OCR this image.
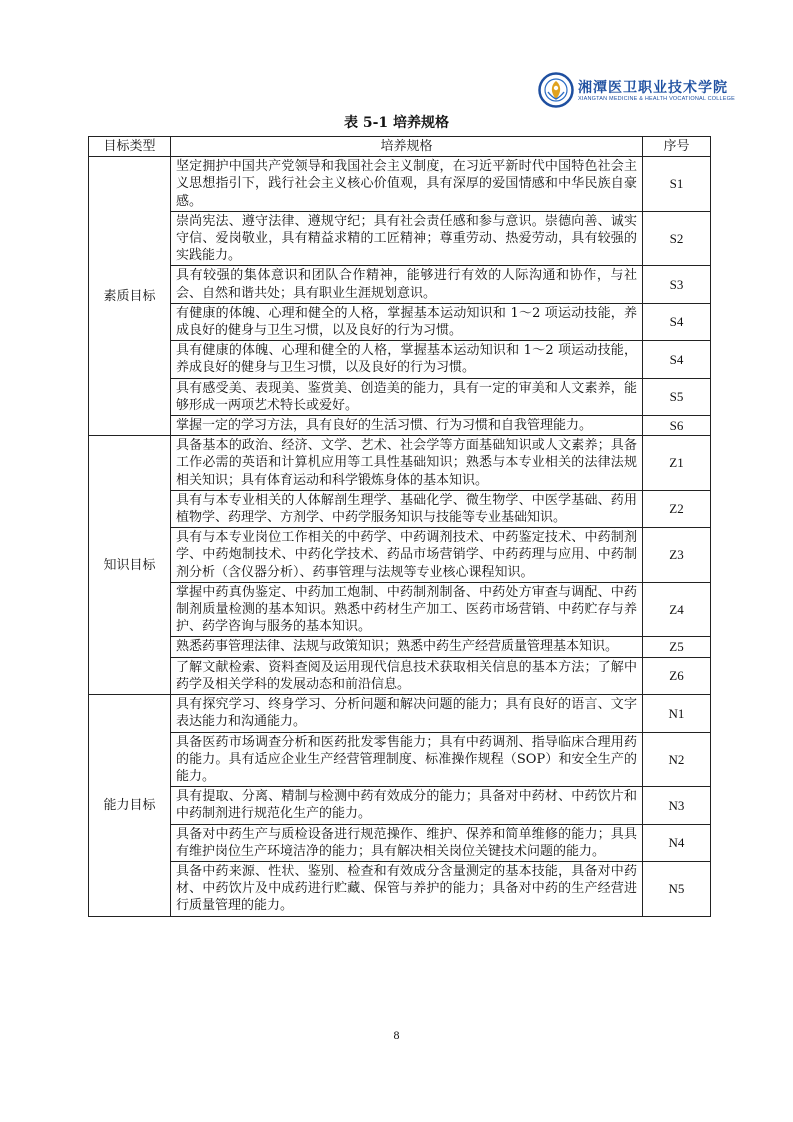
湘潭医卫职业技术学院
XIANGTAN MEDICINE & HEALTH VOCATIONAL COLLEGE
表 5-1 培养规格
目标类型	培养规格	序号
素质目标	坚定拥护中国共产党领导和我国社会主义制度，在习近平新时代中国特色社会主义思想指引下，践行社会主义核心价值观，具有深厚的爱国情感和中华民族自豪感。	S1
	崇尚宪法、遵守法律、遵规守纪；具有社会责任感和参与意识。崇德向善、诚实守信、爱岗敬业，具有精益求精的工匠精神；尊重劳动、热爱劳动，具有较强的实践能力。	S2
	具有较强的集体意识和团队合作精神，能够进行有效的人际沟通和协作，与社会、自然和谐共处；具有职业生涯规划意识。	S3
	有健康的体魄、心理和健全的人格，掌握基本运动知识和 1～2 项运动技能，养成良好的健身与卫生习惯，以及良好的行为习惯。	S4
	具有健康的体魄、心理和健全的人格，掌握基本运动知识和 1～2 项运动技能，养成良好的健身与卫生习惯，以及良好的行为习惯。	S4
	具有感受美、表现美、鉴赏美、创造美的能力，具有一定的审美和人文素养，能够形成一两项艺术特长或爱好。	S5
	掌握一定的学习方法，具有良好的生活习惯、行为习惯和自我管理能力。	S6
知识目标	具备基本的政治、经济、文学、艺术、社会学等方面基础知识或人文素养；具备工作必需的英语和计算机应用等工具性基础知识；熟悉与本专业相关的法律法规相关知识；具有体育运动和科学锻炼身体的基本知识。	Z1
	具有与本专业相关的人体解剖生理学、基础化学、微生物学、中医学基础、药用植物学、药理学、方剂学、中药学服务知识与技能等专业基础知识。	Z2
	具有与本专业岗位工作相关的中药学、中药调剂技术、中药鉴定技术、中药制剂学、中药炮制技术、中药化学技术、药品市场营销学、中药药理与应用、中药制剂分析（含仪器分析）、药事管理与法规等专业核心课程知识。	Z3
	掌握中药真伪鉴定、中药加工炮制、中药制剂制备、中药处方审查与调配、中药制剂质量检测的基本知识。熟悉中药材生产加工、医药市场营销、中药贮存与养护、药学咨询与服务的基本知识。	Z4
	熟悉药事管理法律、法规与政策知识；熟悉中药生产经营质量管理基本知识。	Z5
	了解文献检索、资料查阅及运用现代信息技术获取相关信息的基本方法；了解中药学及相关学科的发展动态和前沿信息。	Z6
能力目标	具有探究学习、终身学习、分析问题和解决问题的能力；具有良好的语言、文字表达能力和沟通能力。	N1
	具备医药市场调查分析和医药批发零售能力；具有中药调剂、指导临床合理用药的能力。具有适应企业生产经营管理制度、标准操作规程（SOP）和安全生产的能力。	N2
	具有提取、分离、精制与检测中药有效成分的能力；具备对中药材、中药饮片和中药制剂进行规范化生产的能力。	N3
	具备对中药生产与质检设备进行规范操作、维护、保养和简单维修的能力；具具有维护岗位生产环境洁净的能力；具有解决相关岗位关键技术问题的能力。	N4
	具备中药来源、性状、鉴别、检查和有效成分含量测定的基本技能，具备对中药材、中药饮片及中成药进行贮藏、保管与养护的能力；具备对中药的生产经营进行质量管理的能力。	N5
8
